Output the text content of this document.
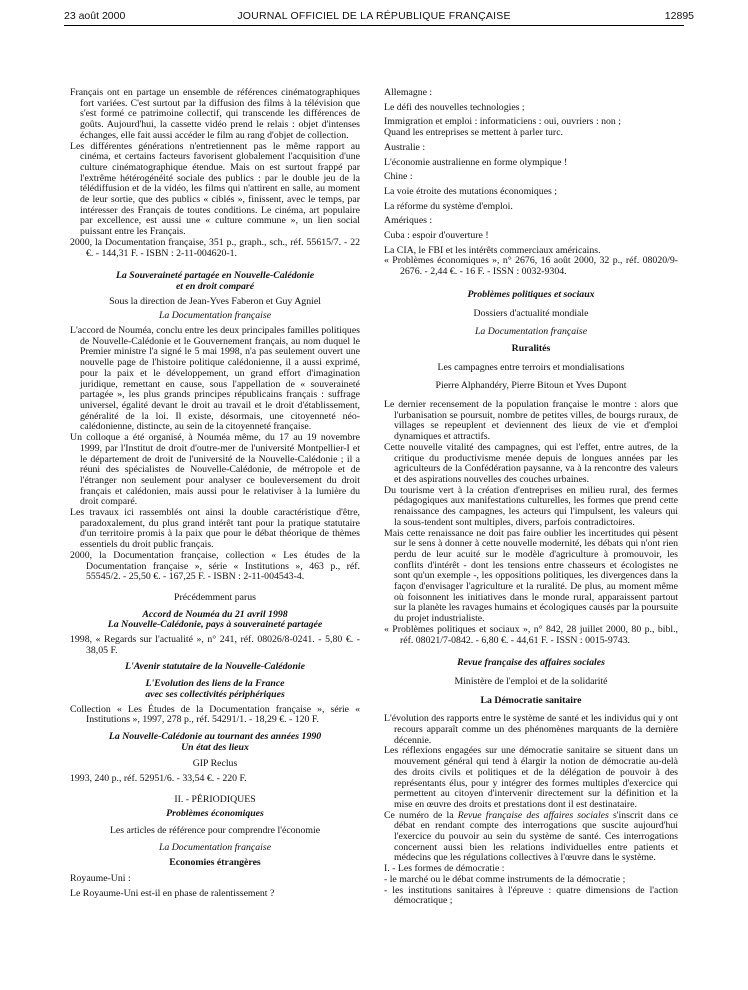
23 août 2000	JOURNAL OFFICIEL DE LA RÉPUBLIQUE FRANÇAISE	12895

Français ont en partage un ensemble de références cinématographiques fort variées. C'est surtout par la diffusion des films à la télévision que s'est formé ce patrimoine collectif, qui transcende les différences de goûts. Aujourd'hui, la cassette vidéo prend le relais : objet d'intenses échanges, elle fait aussi accéder le film au rang d'objet de collection.

Les différentes générations n'entretiennent pas le même rapport au cinéma, et certains facteurs favorisent globalement l'acquisition d'une culture cinématographique étendue. Mais on est surtout frappé par l'extrême hétérogénéité sociale des publics : par le double jeu de la télédiffusion et de la vidéo, les films qui n'attirent en salle, au moment de leur sortie, que des publics « ciblés », finissent, avec le temps, par intéresser des Français de toutes conditions. Le cinéma, art populaire par excellence, est aussi une « culture commune », un lien social puissant entre les Français.

2000, la Documentation française, 351 p., graph., sch., réf. 55615/7. - 22 €. - 144,31 F. - ISBN : 2-11-004620-1.

La Souveraineté partagée en Nouvelle-Calédonie

et en droit comparé

Sous la direction de Jean-Yves Faberon et Guy Agniel

La Documentation française

L'accord de Nouméa, conclu entre les deux principales familles politiques de Nouvelle-Calédonie et le Gouvernement français, au nom duquel le Premier ministre l'a signé le 5 mai 1998, n'a pas seulement ouvert une nouvelle page de l'histoire politique calédonienne, il a aussi exprimé, pour la paix et le développement, un grand effort d'imagination juridique, remettant en cause, sous l'appellation de « souveraineté partagée », les plus grands principes républicains français : suffrage universel, égalité devant le droit au travail et le droit d'établissement, généralité de la loi. Il existe, désormais, une citoyenneté néo-calédonienne, distincte, au sein de la citoyenneté française.

Un colloque a été organisé, à Nouméa même, du 17 au 19 novembre 1999, par l'Institut de droit d'outre-mer de l'université Montpellier-I et le département de droit de l'université de la Nouvelle-Calédonie ; il a réuni des spécialistes de Nouvelle-Calédonie, de métropole et de l'étranger non seulement pour analyser ce bouleversement du droit français et calédonien, mais aussi pour le relativiser à la lumière du droit comparé.

Les travaux ici rassemblés ont ainsi la double caractéristique d'être, paradoxalement, du plus grand intérêt tant pour la pratique statutaire d'un territoire promis à la paix que pour le débat théorique de thèmes essentiels du droit public français.

2000, la Documentation française, collection « Les études de la Documentation française », série « Institutions », 463 p., réf. 55545/2. - 25,50 €. - 167,25 F. - ISBN : 2-11-004543-4.

Précédemment parus

Accord de Nouméa du 21 avril 1998

La Nouvelle-Calédonie, pays à souveraineté partagée

1998, « Regards sur l'actualité », n° 241, réf. 08026/8-0241. - 5,80 €. - 38,05 F.

L'Avenir statutaire de la Nouvelle-Calédonie

L'Evolution des liens de la France

avec ses collectivités périphériques

Collection « Les Études de la Documentation française », série « Institutions », 1997, 278 p., réf. 54291/1. - 18,29 €. - 120 F.

La Nouvelle-Calédonie au tournant des années 1990

Un état des lieux

GIP Reclus

1993, 240 p., réf. 52951/6. - 33,54 €. - 220 F.

II. - PÉRIODIQUES

Problèmes économiques

Les articles de référence pour comprendre l'économie

La Documentation française

Economies étrangères

Royaume-Uni :

Le Royaume-Uni est-il en phase de ralentissement ?

Allemagne :

Le défi des nouvelles technologies ;

Immigration et emploi : informaticiens : oui, ouvriers : non ;

Quand les entreprises se mettent à parler turc.

Australie :

L'économie australienne en forme olympique !

Chine :

La voie étroite des mutations économiques ;

La réforme du système d'emploi.

Amériques :

Cuba : espoir d'ouverture !

La CIA, le FBI et les intérêts commerciaux américains.

« Problèmes économiques », n° 2676, 16 août 2000, 32 p., réf. 08020/9-2676. - 2,44 €. - 16 F. - ISSN : 0032-9304.

Problèmes politiques et sociaux

Dossiers d'actualité mondiale

La Documentation française

Ruralités

Les campagnes entre terroirs et mondialisations

Pierre Alphandéry, Pierre Bitoun et Yves Dupont

Le dernier recensement de la population française le montre : alors que l'urbanisation se poursuit, nombre de petites villes, de bourgs ruraux, de villages se repeuplent et deviennent des lieux de vie et d'emploi dynamiques et attractifs.

Cette nouvelle vitalité des campagnes, qui est l'effet, entre autres, de la critique du productivisme menée depuis de longues années par les agriculteurs de la Confédération paysanne, va à la rencontre des valeurs et des aspirations nouvelles des couches urbaines.

Du tourisme vert à la création d'entreprises en milieu rural, des fermes pédagogiques aux manifestations culturelles, les formes que prend cette renaissance des campagnes, les acteurs qui l'impulsent, les valeurs qui la sous-tendent sont multiples, divers, parfois contradictoires.

Mais cette renaissance ne doit pas faire oublier les incertitudes qui pèsent sur le sens à donner à cette nouvelle modernité, les débats qui n'ont rien perdu de leur acuité sur le modèle d'agriculture à promouvoir, les conflits d'intérêt - dont les tensions entre chasseurs et écologistes ne sont qu'un exemple -, les oppositions politiques, les divergences dans la façon d'envisager l'agriculture et la ruralité. De plus, au moment même où foisonnent les initiatives dans le monde rural, apparaissent partout sur la planète les ravages humains et écologiques causés par la poursuite du projet industrialiste.

« Problèmes politiques et sociaux », n° 842, 28 juillet 2000, 80 p., bibl., réf. 08021/7-0842. - 6,80 €. - 44,61 F. - ISSN : 0015-9743.

Revue française des affaires sociales

Ministère de l'emploi et de la solidarité

La Démocratie sanitaire

L'évolution des rapports entre le système de santé et les individus qui y ont recours apparaît comme un des phénomènes marquants de la dernière décennie.

Les réflexions engagées sur une démocratie sanitaire se situent dans un mouvement général qui tend à élargir la notion de démocratie au-delà des droits civils et politiques et de la délégation de pouvoir à des représentants élus, pour y intégrer des formes multiples d'exercice qui permettent au citoyen d'intervenir directement sur la définition et la mise en œuvre des droits et prestations dont il est destinataire.

Ce numéro de la Revue française des affaires sociales s'inscrit dans ce débat en rendant compte des interrogations que suscite aujourd'hui l'exercice du pouvoir au sein du système de santé. Ces interrogations concernent aussi bien les relations individuelles entre patients et médecins que les régulations collectives à l'œuvre dans le système.

I. - Les formes de démocratie :

- le marché ou le débat comme instruments de la démocratie ;

- les institutions sanitaires à l'épreuve : quatre dimensions de l'action démocratique ;
